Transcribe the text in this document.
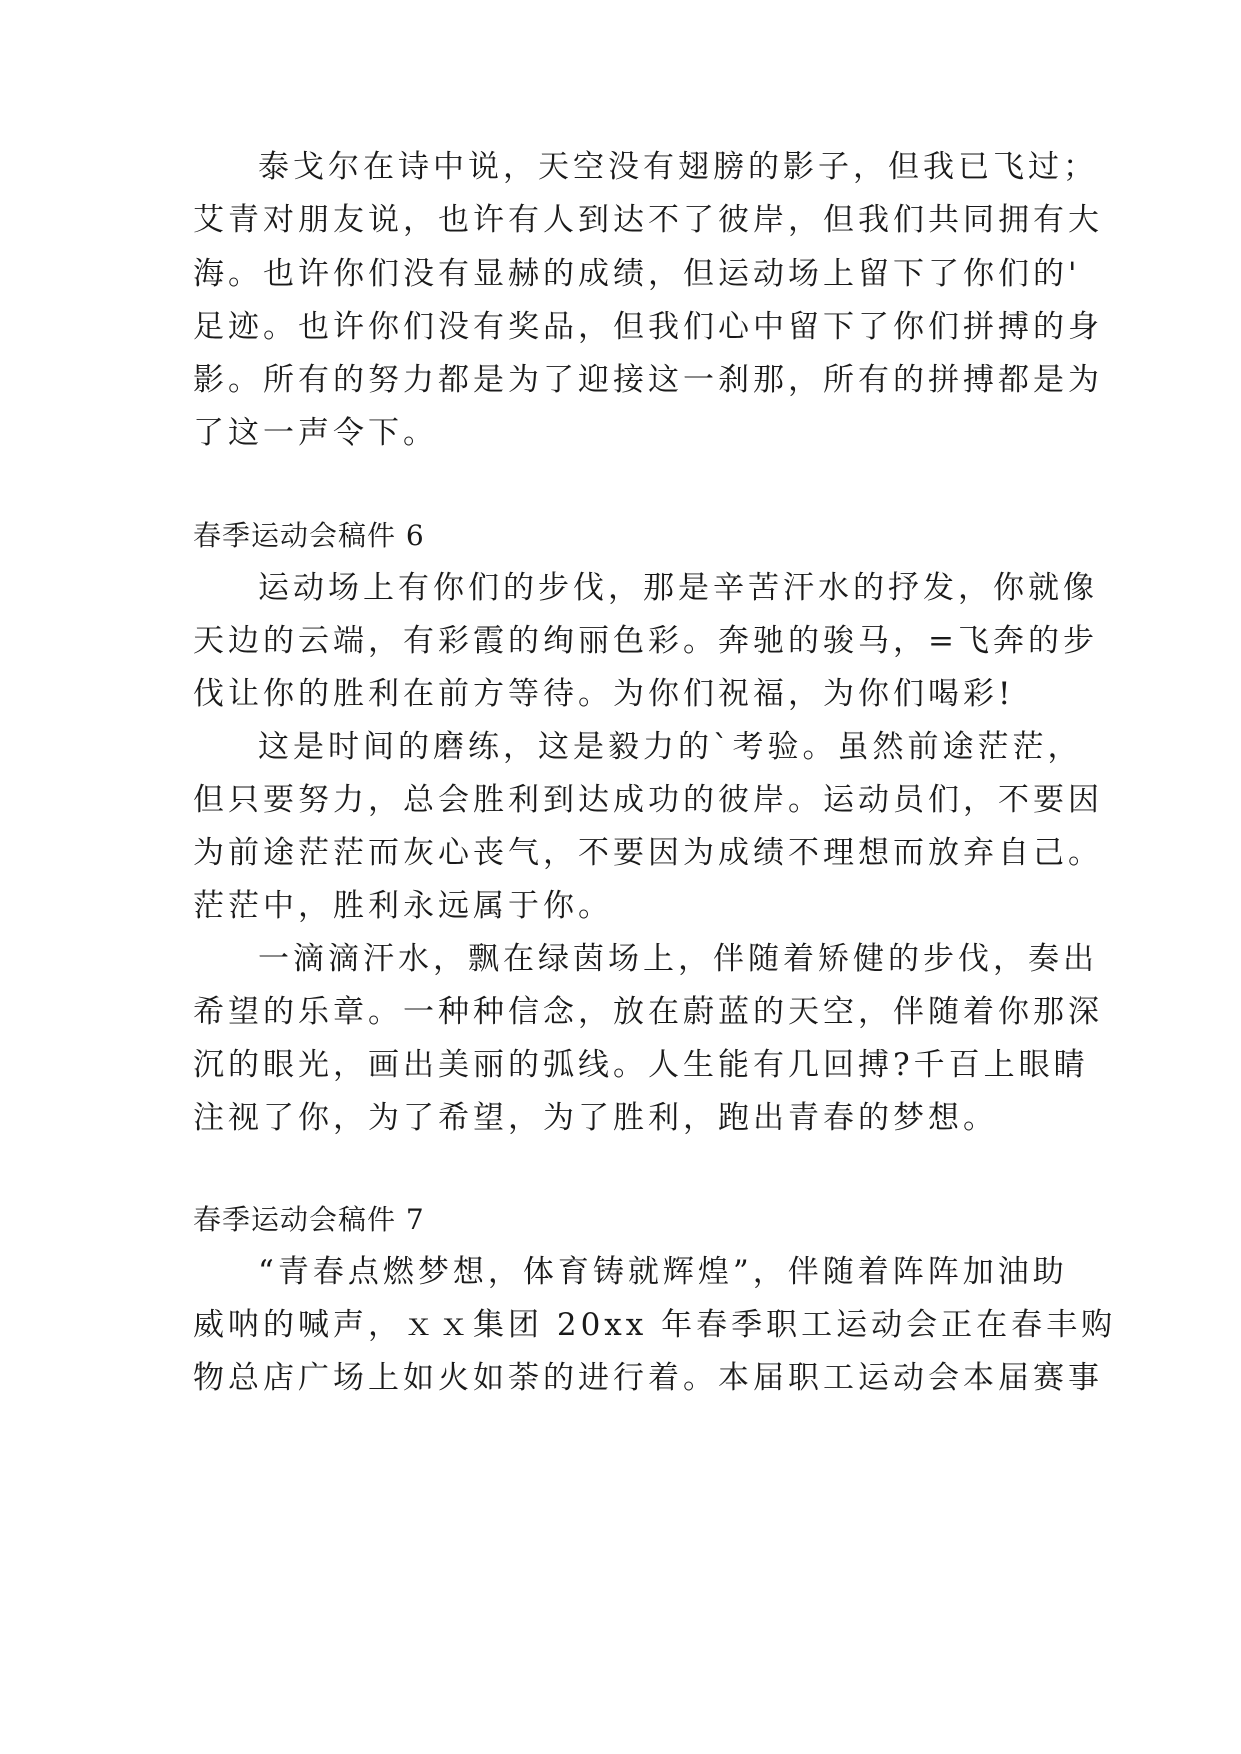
泰戈尔在诗中说，天空没有翅膀的影子，但我已飞过；
艾青对朋友说，也许有人到达不了彼岸，但我们共同拥有大
海。也许你们没有显赫的成绩，但运动场上留下了你们的'
足迹。也许你们没有奖品，但我们心中留下了你们拼搏的身
影。所有的努力都是为了迎接这一刹那，所有的拼搏都是为
了这一声令下。
春季运动会稿件 6
运动场上有你们的步伐，那是辛苦汗水的抒发，你就像
天边的云端，有彩霞的绚丽色彩。奔驰的骏马，=飞奔的步
伐让你的胜利在前方等待。为你们祝福，为你们喝彩!
这是时间的磨练，这是毅力的`考验。虽然前途茫茫，
但只要努力，总会胜利到达成功的彼岸。运动员们，不要因
为前途茫茫而灰心丧气，不要因为成绩不理想而放弃自己。
茫茫中，胜利永远属于你。
一滴滴汗水，飘在绿茵场上，伴随着矫健的步伐，奏出
希望的乐章。一种种信念，放在蔚蓝的天空，伴随着你那深
沉的眼光，画出美丽的弧线。人生能有几回搏?千百上眼睛
注视了你，为了希望，为了胜利，跑出青春的梦想。
春季运动会稿件 7
“青春点燃梦想，体育铸就辉煌”，伴随着阵阵加油助
威呐的喊声，ｘｘ集团 20xx 年春季职工运动会正在春丰购
物总店广场上如火如荼的进行着。本届职工运动会本届赛事
